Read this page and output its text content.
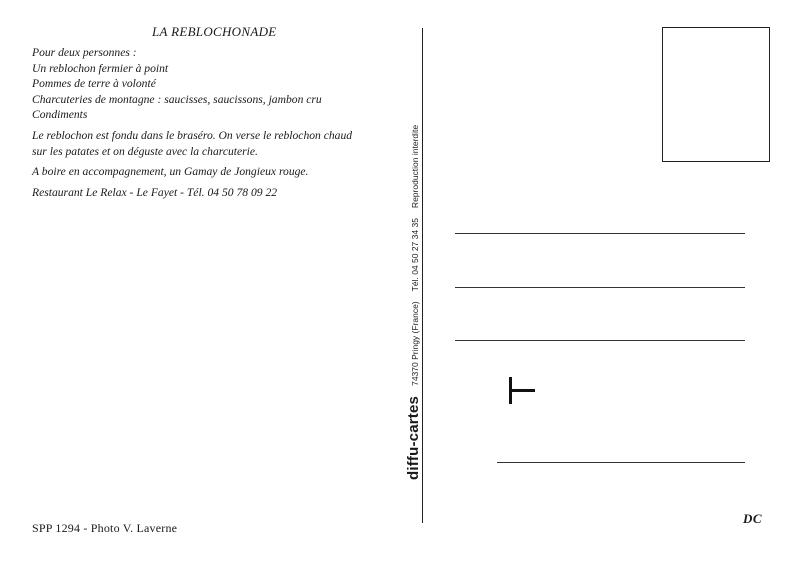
LA REBLOCHONADE

Pour deux personnes :
Un reblochon fermier à point
Pommes de terre à volonté
Charcuteries de montagne : saucisses, saucissons, jambon cru
Condiments

Le reblochon est fondu dans le braséro. On verse le reblochon chaud
sur les patates et on déguste avec la charcuterie.

A boire en accompagnement, un Gamay de Jongieux rouge.

Restaurant Le Relax - Le Fayet - Tél. 04 50 78 09 22

SPP 1294 - Photo V. Laverne
diffu-cartes
74370 Pringy (France)
Tél. 04 50 27 34 35
Reproduction interdite
DC
